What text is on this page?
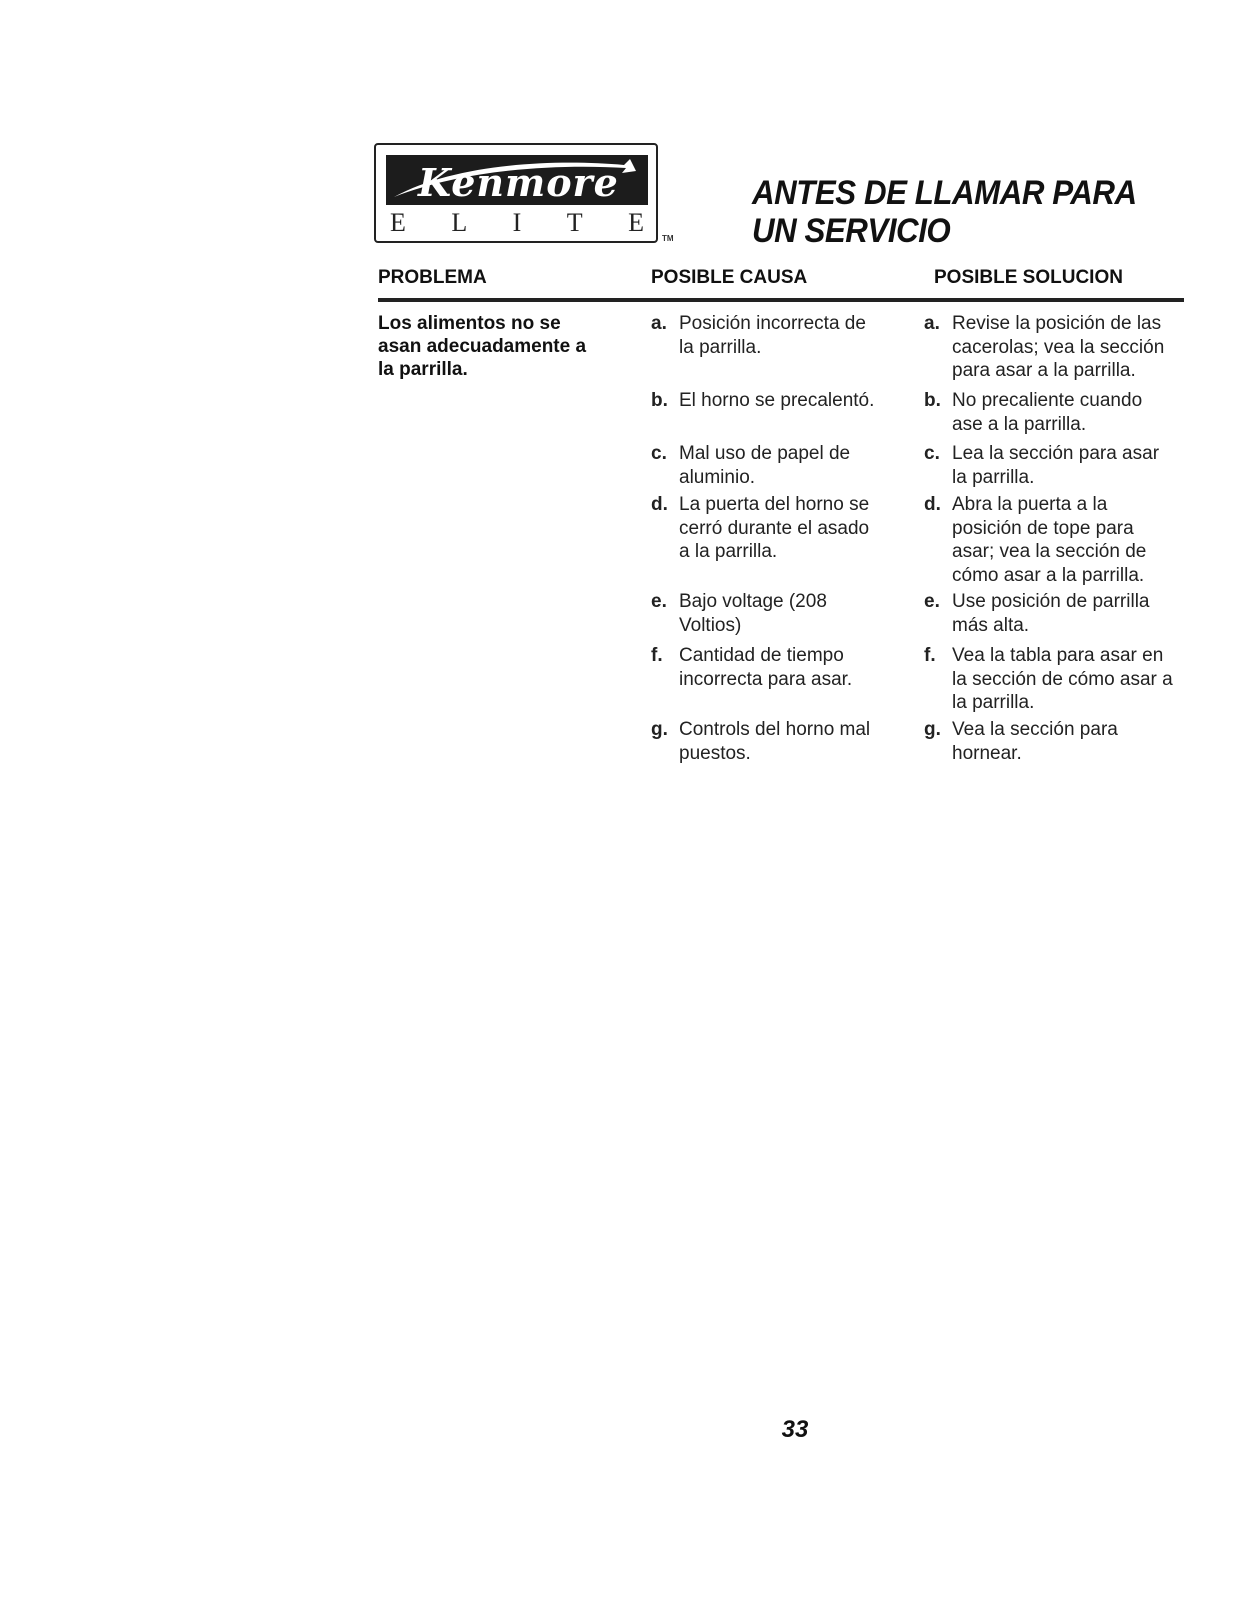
Kenmore
E L I T E
TM
ANTES DE LLAMAR PARA
UN SERVICIO
PROBLEMA	POSIBLE CAUSA	POSIBLE SOLUCION

Los alimentos no se
asan adecuadamente a
la parrilla.

a. Posición incorrecta de
la parrilla.
b. El horno se precalentó.
c. Mal uso de papel de
aluminio.
d. La puerta del horno se
cerró durante el asado
a la parrilla.
e. Bajo voltage (208
Voltios)
f. Cantidad de tiempo
incorrecta para asar.
g. Controls del horno mal
puestos.
a. Revise la posición de las
cacerolas; vea la sección
para asar a la parrilla.
b. No precaliente cuando
ase a la parrilla.
c. Lea la sección para asar
la parrilla.
d. Abra la puerta a la
posición de tope para
asar; vea la sección de
cómo asar a la parrilla.
e. Use posición de parrilla
más alta.
f. Vea la tabla para asar en
la sección de cómo asar a
la parrilla.
g. Vea la sección para
hornear.
33
